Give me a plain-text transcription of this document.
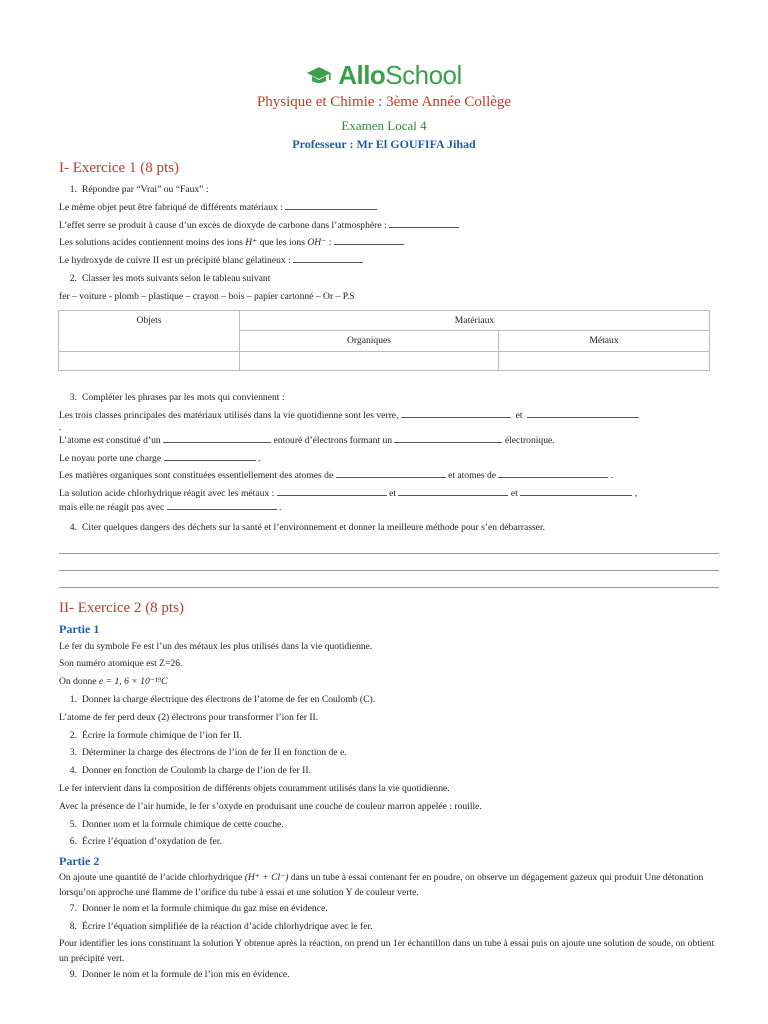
AlloSchool
Physique et Chimie : 3ème Année Collège
Examen Local 4
Professeur : Mr El GOUFIFA Jihad
I- Exercice 1 (8 pts)
1. Répondre par “Vrai” ou “Faux” :
Le même objet peut être fabriqué de différents matériaux :
L’effet serre se produit à cause d’un excès de dioxyde de carbone dans l’atmosphère :
Les solutions acides contiennent moins des ions H⁺ que les ions OH⁻ :
Le hydroxyde de cuivre II est un précipité blanc gélatineux :
2. Classer les mots suivants selon le tableau suivant
fer – voiture - plomb – plastique – crayon – bois – papier cartonné – Or – P.S
Objets	Matériaux	
	Organiques	Métaux

3. Compléter les phrases par les mots qui conviennent :
Les trois classes principales des matériaux utilisés dans la vie quotidienne sont les verre,	et
.
L’atome est constitué d’un	entouré d’électrons formant un	électronique.
Le noyau porte une charge	.
Les matières organiques sont constituées essentiellement des atomes de	et atomes de	.
La solution acide chlorhydrique réagit avec les métaux :	et	et	,
mais elle ne réagit pas avec	.
4. Citer quelques dangers des déchets sur la santé et l’environnement et donner la meilleure méthode pour s’en débarrasser.
II- Exercice 2 (8 pts)
Partie 1
Le fer du symbole Fe est l’un des métaux les plus utilisés dans la vie quotidienne.
Son numéro atomique est Z=26.
On donne e = 1, 6 × 10⁻¹⁹C
1. Donner la charge électrique des électrons de l’atome de fer en Coulomb (C).
L’atome de fer perd deux (2) électrons pour transformer l’ion fer II.
2. Écrire la formule chimique de l’ion fer II.
3. Déterminer la charge des électrons de l’ion de fer II en fonction de e.
4. Donner en fonction de Coulomb la charge de l’ion de fer II.
Le fer intervient dans la composition de différents objets couramment utilisés dans la vie quotidienne.
Avec la présence de l’air humide, le fer s’oxyde en produisant une couche de couleur marron appelée : rouille.
5. Donner nom et la formule chimique de cette couche.
6. Écrire l’équation d’oxydation de fer.
Partie 2
On ajoute une quantité de l’acide chlorhydrique (H⁺ + Cl⁻) dans un tube à essai contenant fer en poudre, on observe un dégagement gazeux qui produit Une détonation lorsqu’on approche une flamme de l’orifice du tube à essai et une solution Y de couleur verte.
7. Donner le nom et la formule chimique du gaz mise en évidence.
8. Écrire l’équation simplifiée de la réaction d’acide chlorhydrique avec le fer.
Pour identifier les ions constituant la solution Y obtenue après la réaction, on prend un 1er échantillon dans un tube à essai puis on ajoute une solution de soude, on obtient un précipité vert.
9. Donner le nom et la formule de l’ion mis en évidence.
